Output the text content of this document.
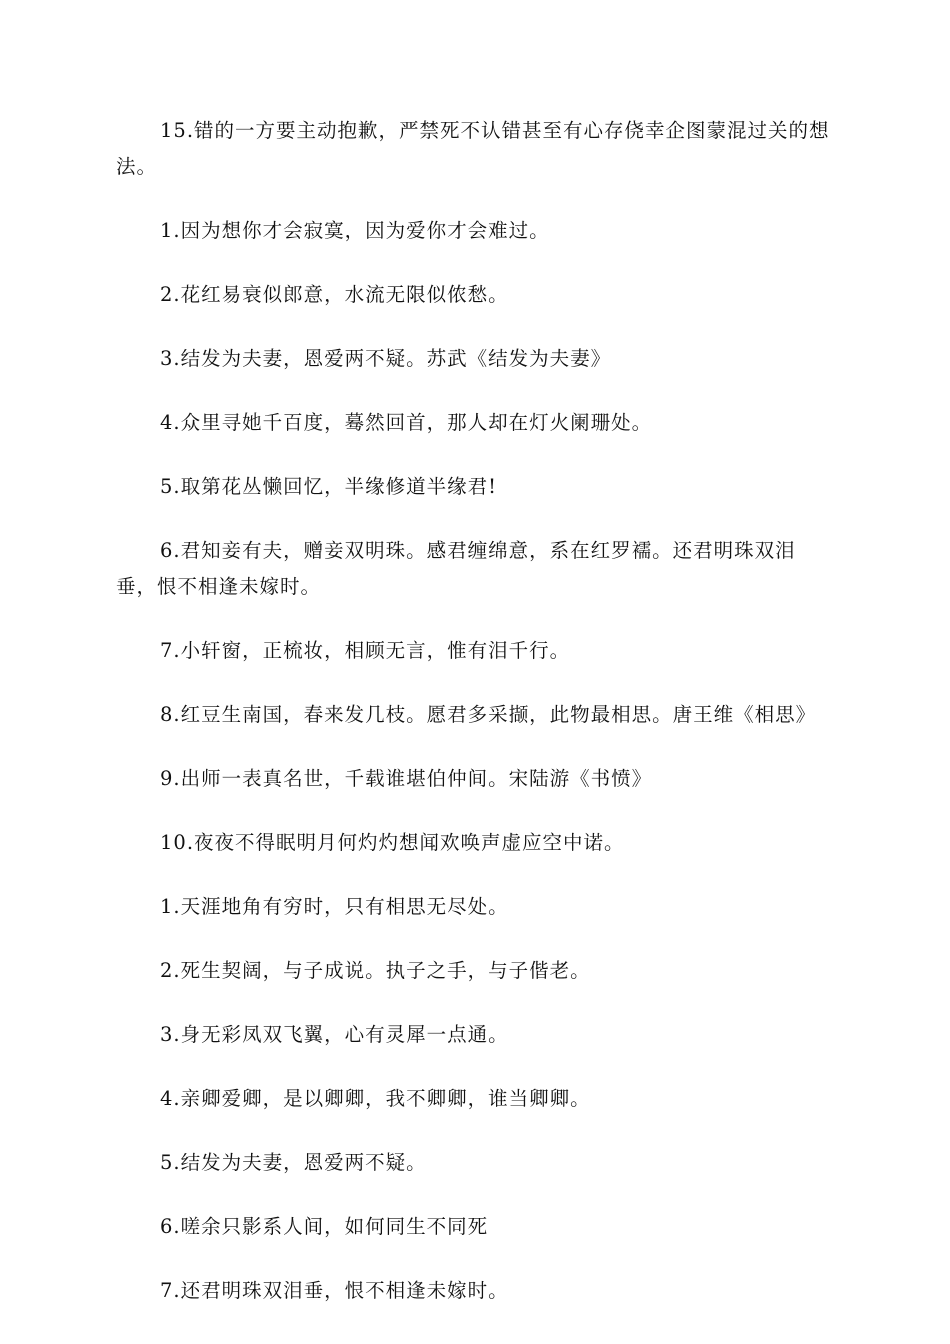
15.错的一方要主动抱歉，严禁死不认错甚至有心存侥幸企图蒙混过关的想法。

1.因为想你才会寂寞，因为爱你才会难过。

2.花红易衰似郎意，水流无限似侬愁。

3.结发为夫妻，恩爱两不疑。苏武《结发为夫妻》

4.众里寻她千百度，蓦然回首，那人却在灯火阑珊处。

5.取第花丛懒回忆，半缘修道半缘君!

6.君知妾有夫，赠妾双明珠。感君缠绵意，系在红罗襦。还君明珠双泪垂，恨不相逢未嫁时。

7.小轩窗，正梳妆，相顾无言，惟有泪千行。

8.红豆生南国，春来发几枝。愿君多采撷，此物最相思。唐王维《相思》

9.出师一表真名世，千载谁堪伯仲间。宋陆游《书愤》

10.夜夜不得眠明月何灼灼想闻欢唤声虚应空中诺。

1.天涯地角有穷时，只有相思无尽处。

2.死生契阔，与子成说。执子之手，与子偕老。

3.身无彩凤双飞翼，心有灵犀一点通。

4.亲卿爱卿，是以卿卿，我不卿卿，谁当卿卿。

5.结发为夫妻，恩爱两不疑。

6.嗟余只影系人间，如何同生不同死

7.还君明珠双泪垂，恨不相逢未嫁时。
